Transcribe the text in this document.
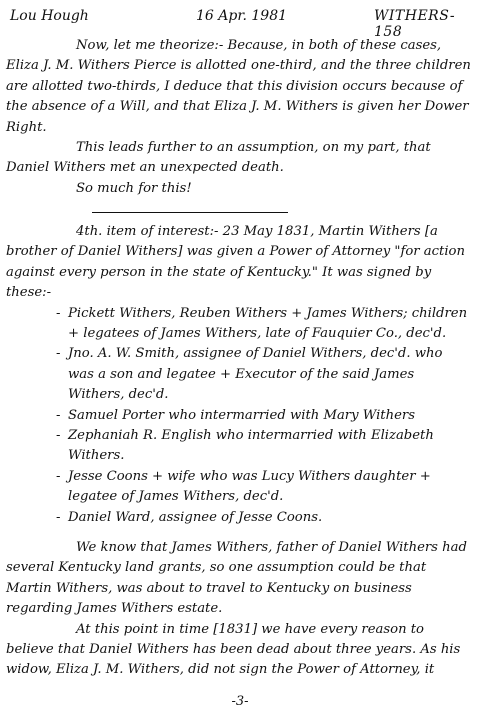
Lou Hough	16 Apr. 1981	WITHERS-158

Now, let me theorize:- Because, in both of these cases, Eliza J. M. Withers Pierce is allotted one-third, and the three children are allotted two-thirds, I deduce that this division occurs because of the absence of a Will, and that Eliza J. M. Withers is given her Dower Right.

This leads further to an assumption, on my part, that Daniel Withers met an unexpected death.

So much for this!

4th. item of interest:- 23 May 1831, Martin Withers [a brother of Daniel Withers] was given a Power of Attorney "for action against every person in the state of Kentucky." It was signed by these:-

- Pickett Withers, Reuben Withers + James Withers; children + legatees of James Withers, late of Fauquier Co., dec'd.
- Jno. A. W. Smith, assignee of Daniel Withers, dec'd. who was a son and legatee + Executor of the said James Withers, dec'd.
- Samuel Porter who intermarried with Mary Withers
- Zephaniah R. English who intermarried with Elizabeth Withers.
- Jesse Coons + wife who was Lucy Withers daughter + legatee of James Withers, dec'd.
- Daniel Ward, assignee of Jesse Coons.

We know that James Withers, father of Daniel Withers had several Kentucky land grants, so one assumption could be that Martin Withers, was about to travel to Kentucky on business regarding James Withers estate.

At this point in time [1831] we have every reason to believe that Daniel Withers has been dead about three years. As his widow, Eliza J. M. Withers, did not sign the Power of Attorney, it

-3-
